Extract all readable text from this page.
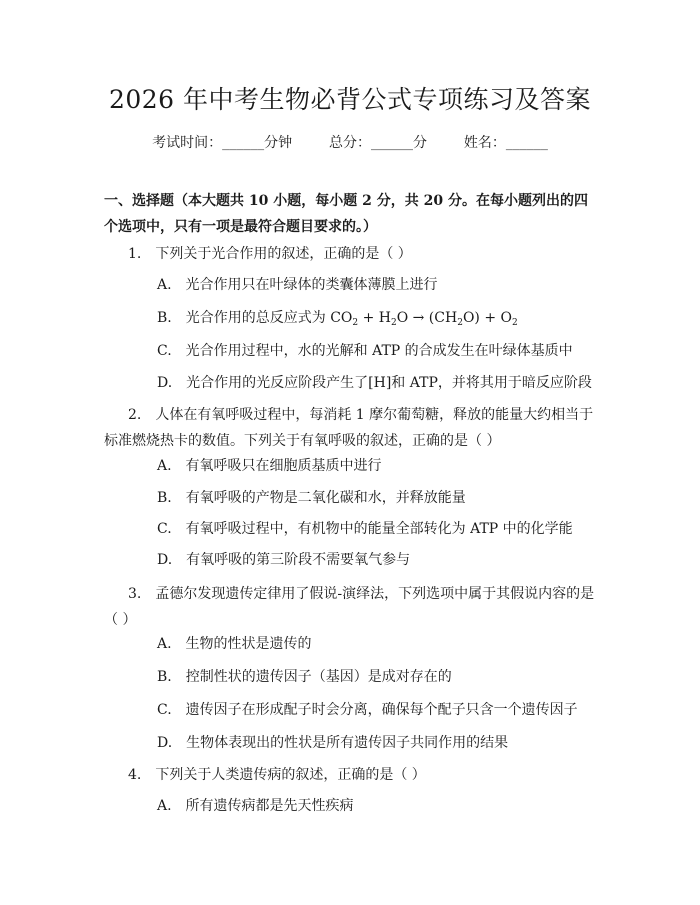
2026 年中考生物必背公式专项练习及答案
考试时间：______分钟	总分：______分	姓名：______
一、选择题（本大题共 10 小题，每小题 2 分，共 20 分。在每小题列出的四个选项中，只有一项是最符合题目要求的。）
1.　下列关于光合作用的叙述，正确的是（ ）
A.　光合作用只在叶绿体的类囊体薄膜上进行
B.　光合作用的总反应式为 $CO_2 + H_2O \to (CH_2O) + O_2$
C.　光合作用过程中，水的光解和 ATP 的合成发生在叶绿体基质中
D.　光合作用的光反应阶段产生了[H]和 ATP，并将其用于暗反应阶段
2.　人体在有氧呼吸过程中，每消耗 1 摩尔葡萄糖，释放的能量大约相当于标准燃烧热卡的数值。下列关于有氧呼吸的叙述，正确的是（ ）
A.　有氧呼吸只在细胞质基质中进行
B.　有氧呼吸的产物是二氧化碳和水，并释放能量
C.　有氧呼吸过程中，有机物中的能量全部转化为 ATP 中的化学能
D.　有氧呼吸的第三阶段不需要氧气参与
3.　孟德尔发现遗传定律用了假说-演绎法，下列选项中属于其假说内容的是（ ）
A.　生物的性状是遗传的
B.　控制性状的遗传因子（基因）是成对存在的
C.　遗传因子在形成配子时会分离，确保每个配子只含一个遗传因子
D.　生物体表现出的性状是所有遗传因子共同作用的结果
4.　下列关于人类遗传病的叙述，正确的是（ ）
A.　所有遗传病都是先天性疾病
